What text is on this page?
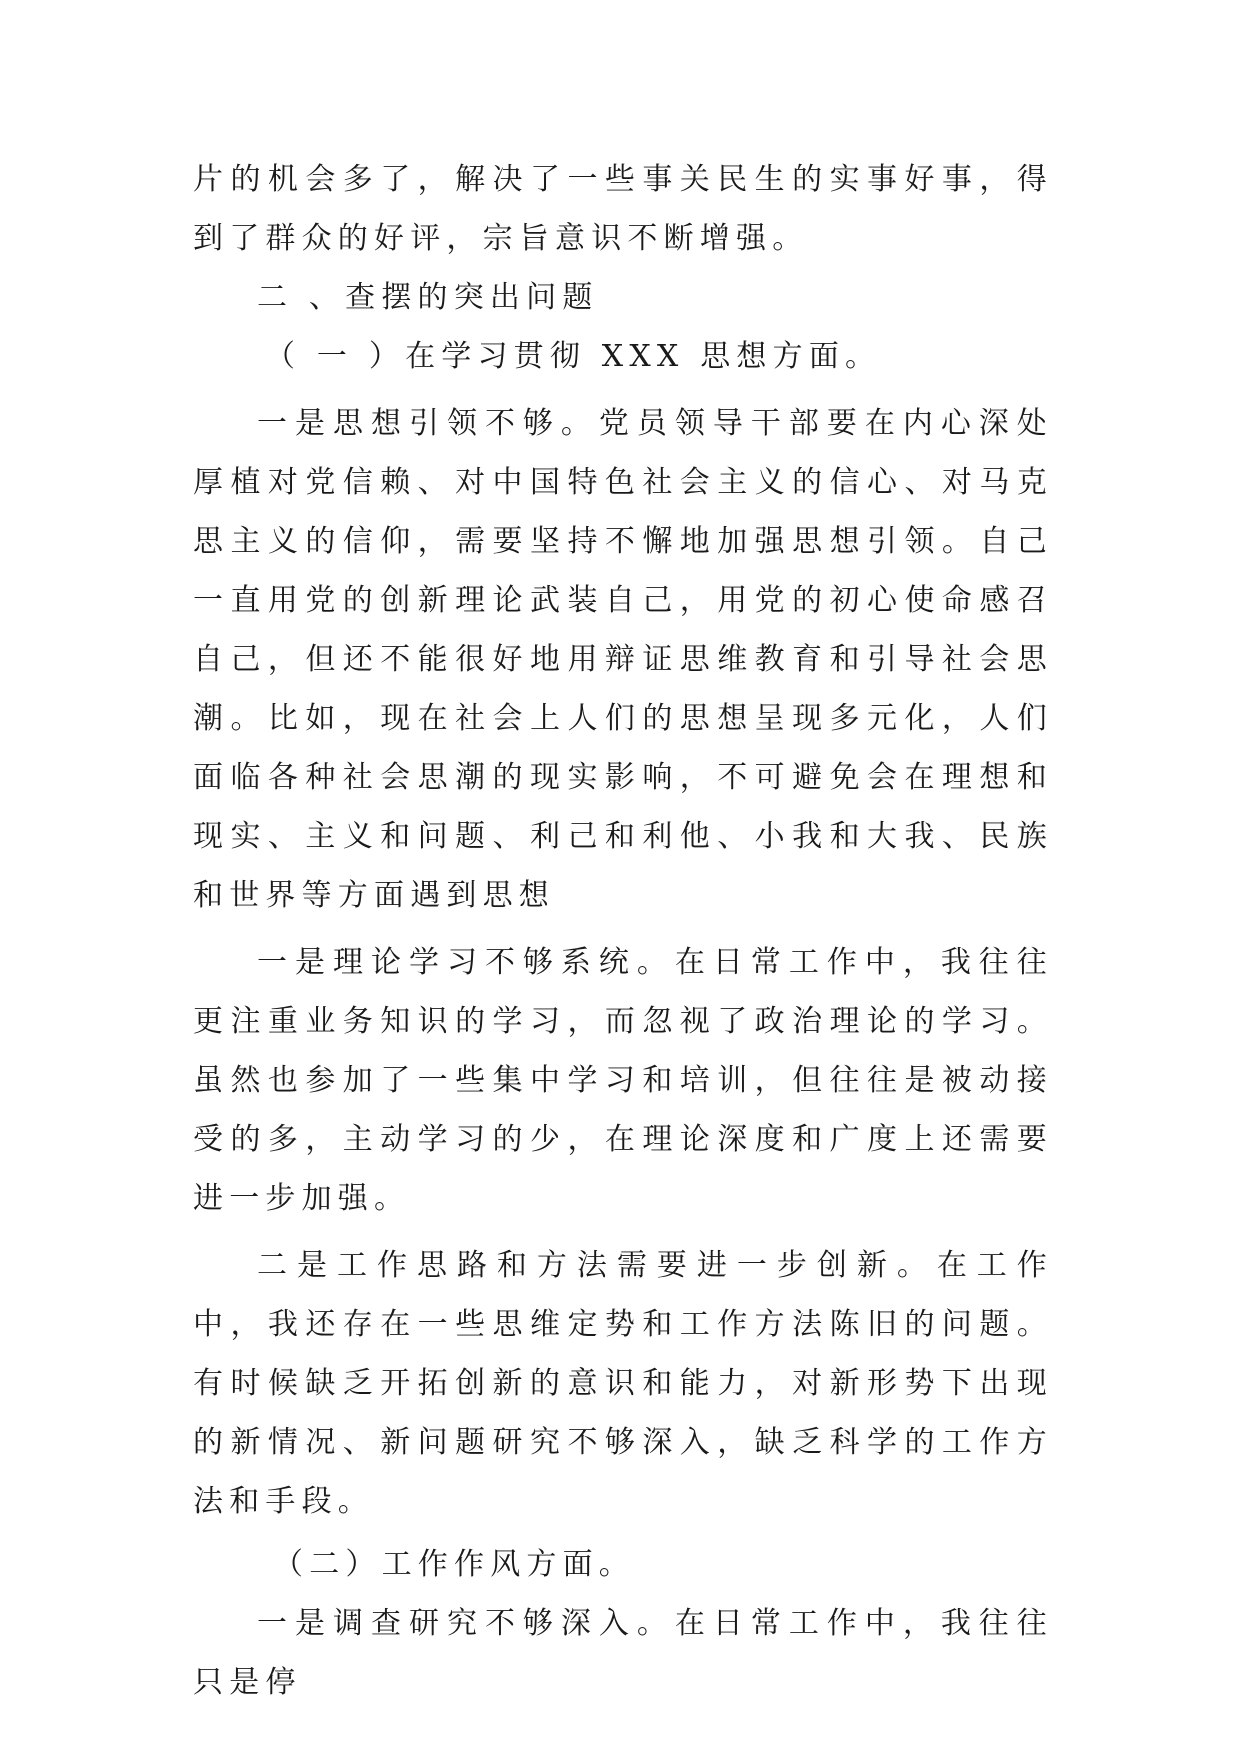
片的机会多了，解决了一些事关民生的实事好事，得到了群众的好评，宗旨意识不断增强。

二 、查摆的突出问题

（ 一 ）在学习贯彻 XXX 思想方面。

一是思想引领不够。党员领导干部要在内心深处厚植对党信赖、对中国特色社会主义的信心、对马克思主义的信仰，需要坚持不懈地加强思想引领。自己一直用党的创新理论武装自己，用党的初心使命感召自己，但还不能很好地用辩证思维教育和引导社会思潮。比如，现在社会上人们的思想呈现多元化，人们面临各种社会思潮的现实影响，不可避免会在理想和现实、主义和问题、利己和利他、小我和大我、民族和世界等方面遇到思想

一是理论学习不够系统。在日常工作中，我往往更注重业务知识的学习，而忽视了政治理论的学习。虽然也参加了一些集中学习和培训，但往往是被动接受的多，主动学习的少，在理论深度和广度上还需要进一步加强。

二是工作思路和方法需要进一步创新。在工作中，我还存在一些思维定势和工作方法陈旧的问题。有时候缺乏开拓创新的意识和能力，对新形势下出现的新情况、新问题研究不够深入，缺乏科学的工作方法和手段。

（二）工作作风方面。

一是调查研究不够深入。在日常工作中，我往往只是停
